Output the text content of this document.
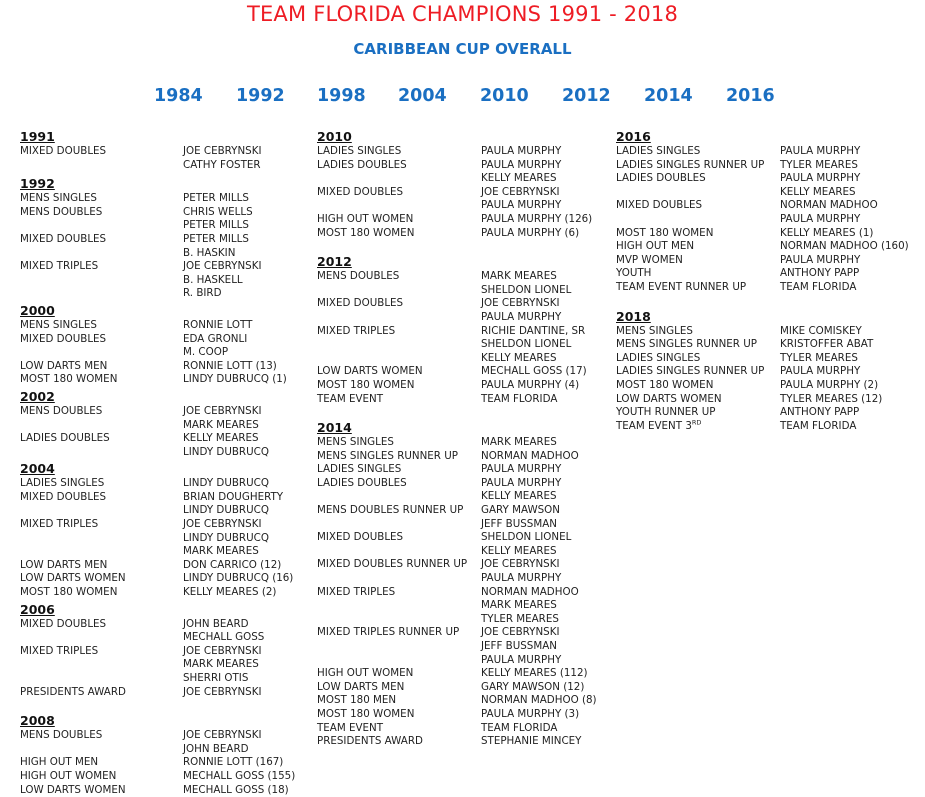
TEAM FLORIDA CHAMPIONS 1991 - 2018
CARIBBEAN CUP OVERALL
1984 1992 1998 2004 2010 2012 2014 2016
1991
MIXED DOUBLES	JOE CEBRYNSKI
CATHY FOSTER
1992
MENS SINGLES	PETER MILLS
MENS DOUBLES	CHRIS WELLS
PETER MILLS
MIXED DOUBLES	PETER MILLS
B. HASKIN
MIXED TRIPLES	JOE CEBRYNSKI
B. HASKELL
R. BIRD
2000
MENS SINGLES	RONNIE LOTT
MIXED DOUBLES	EDA GRONLI
M. COOP
LOW DARTS MEN	RONNIE LOTT (13)
MOST 180 WOMEN	LINDY DUBRUCQ (1)
2002
MENS DOUBLES	JOE CEBRYNSKI
MARK MEARES
LADIES DOUBLES	KELLY MEARES
LINDY DUBRUCQ
2004
LADIES SINGLES	LINDY DUBRUCQ
MIXED DOUBLES	BRIAN DOUGHERTY
LINDY DUBRUCQ
MIXED TRIPLES	JOE CEBRYNSKI
LINDY DUBRUCQ
MARK MEARES
LOW DARTS MEN	DON CARRICO (12)
LOW DARTS WOMEN	LINDY DUBRUCQ (16)
MOST 180 WOMEN	KELLY MEARES (2)
2006
MIXED DOUBLES	JOHN BEARD
MECHALL GOSS
MIXED TRIPLES	JOE CEBRYNSKI
MARK MEARES
SHERRI OTIS
PRESIDENTS AWARD	JOE CEBRYNSKI
2008
MENS DOUBLES	JOE CEBRYNSKI
JOHN BEARD
HIGH OUT MEN	RONNIE LOTT (167)
HIGH OUT WOMEN	MECHALL GOSS (155)
LOW DARTS WOMEN	MECHALL GOSS (18)
2010
LADIES SINGLES	PAULA MURPHY
LADIES DOUBLES	PAULA MURPHY
KELLY MEARES
MIXED DOUBLES	JOE CEBRYNSKI
PAULA MURPHY
HIGH OUT WOMEN	PAULA MURPHY (126)
MOST 180 WOMEN	PAULA MURPHY (6)
2012
MENS DOUBLES	MARK MEARES
SHELDON LIONEL
MIXED DOUBLES	JOE CEBRYNSKI
PAULA MURPHY
MIXED TRIPLES	RICHIE DANTINE, SR
SHELDON LIONEL
KELLY MEARES
LOW DARTS WOMEN	MECHALL GOSS (17)
MOST 180 WOMEN	PAULA MURPHY (4)
TEAM EVENT	TEAM FLORIDA
2014
MENS SINGLES	MARK MEARES
MENS SINGLES RUNNER UP NORMAN MADHOO
LADIES SINGLES	PAULA MURPHY
LADIES DOUBLES	PAULA MURPHY
KELLY MEARES
MENS DOUBLES RUNNER UP GARY MAWSON
JEFF BUSSMAN
MIXED DOUBLES	SHELDON LIONEL
KELLY MEARES
MIXED DOUBLES RUNNER UP JOE CEBRYNSKI
PAULA MURPHY
MIXED TRIPLES	NORMAN MADHOO
MARK MEARES
TYLER MEARES
MIXED TRIPLES RUNNER UP JOE CEBRYNSKI
JEFF BUSSMAN
PAULA MURPHY
HIGH OUT WOMEN	KELLY MEARES (112)
LOW DARTS MEN	GARY MAWSON (12)
MOST 180 MEN	NORMAN MADHOO (8)
MOST 180 WOMEN	PAULA MURPHY (3)
TEAM EVENT	TEAM FLORIDA
PRESIDENTS AWARD	STEPHANIE MINCEY
2016
LADIES SINGLES	PAULA MURPHY
LADIES SINGLES RUNNER UP TYLER MEARES
LADIES DOUBLES	PAULA MURPHY
KELLY MEARES
MIXED DOUBLES	NORMAN MADHOO
PAULA MURPHY
MOST 180 WOMEN	KELLY MEARES (1)
HIGH OUT MEN	NORMAN MADHOO (160)
MVP WOMEN	PAULA MURPHY
YOUTH	ANTHONY PAPP
TEAM EVENT RUNNER UP	TEAM FLORIDA
2018
MENS SINGLES	MIKE COMISKEY
MENS SINGLES RUNNER UP KRISTOFFER ABAT
LADIES SINGLES	TYLER MEARES
LADIES SINGLES RUNNER UP PAULA MURPHY
MOST 180 WOMEN	PAULA MURPHY (2)
LOW DARTS WOMEN	TYLER MEARES (12)
YOUTH RUNNER UP	ANTHONY PAPP
TEAM EVENT 3RD	TEAM FLORIDA
